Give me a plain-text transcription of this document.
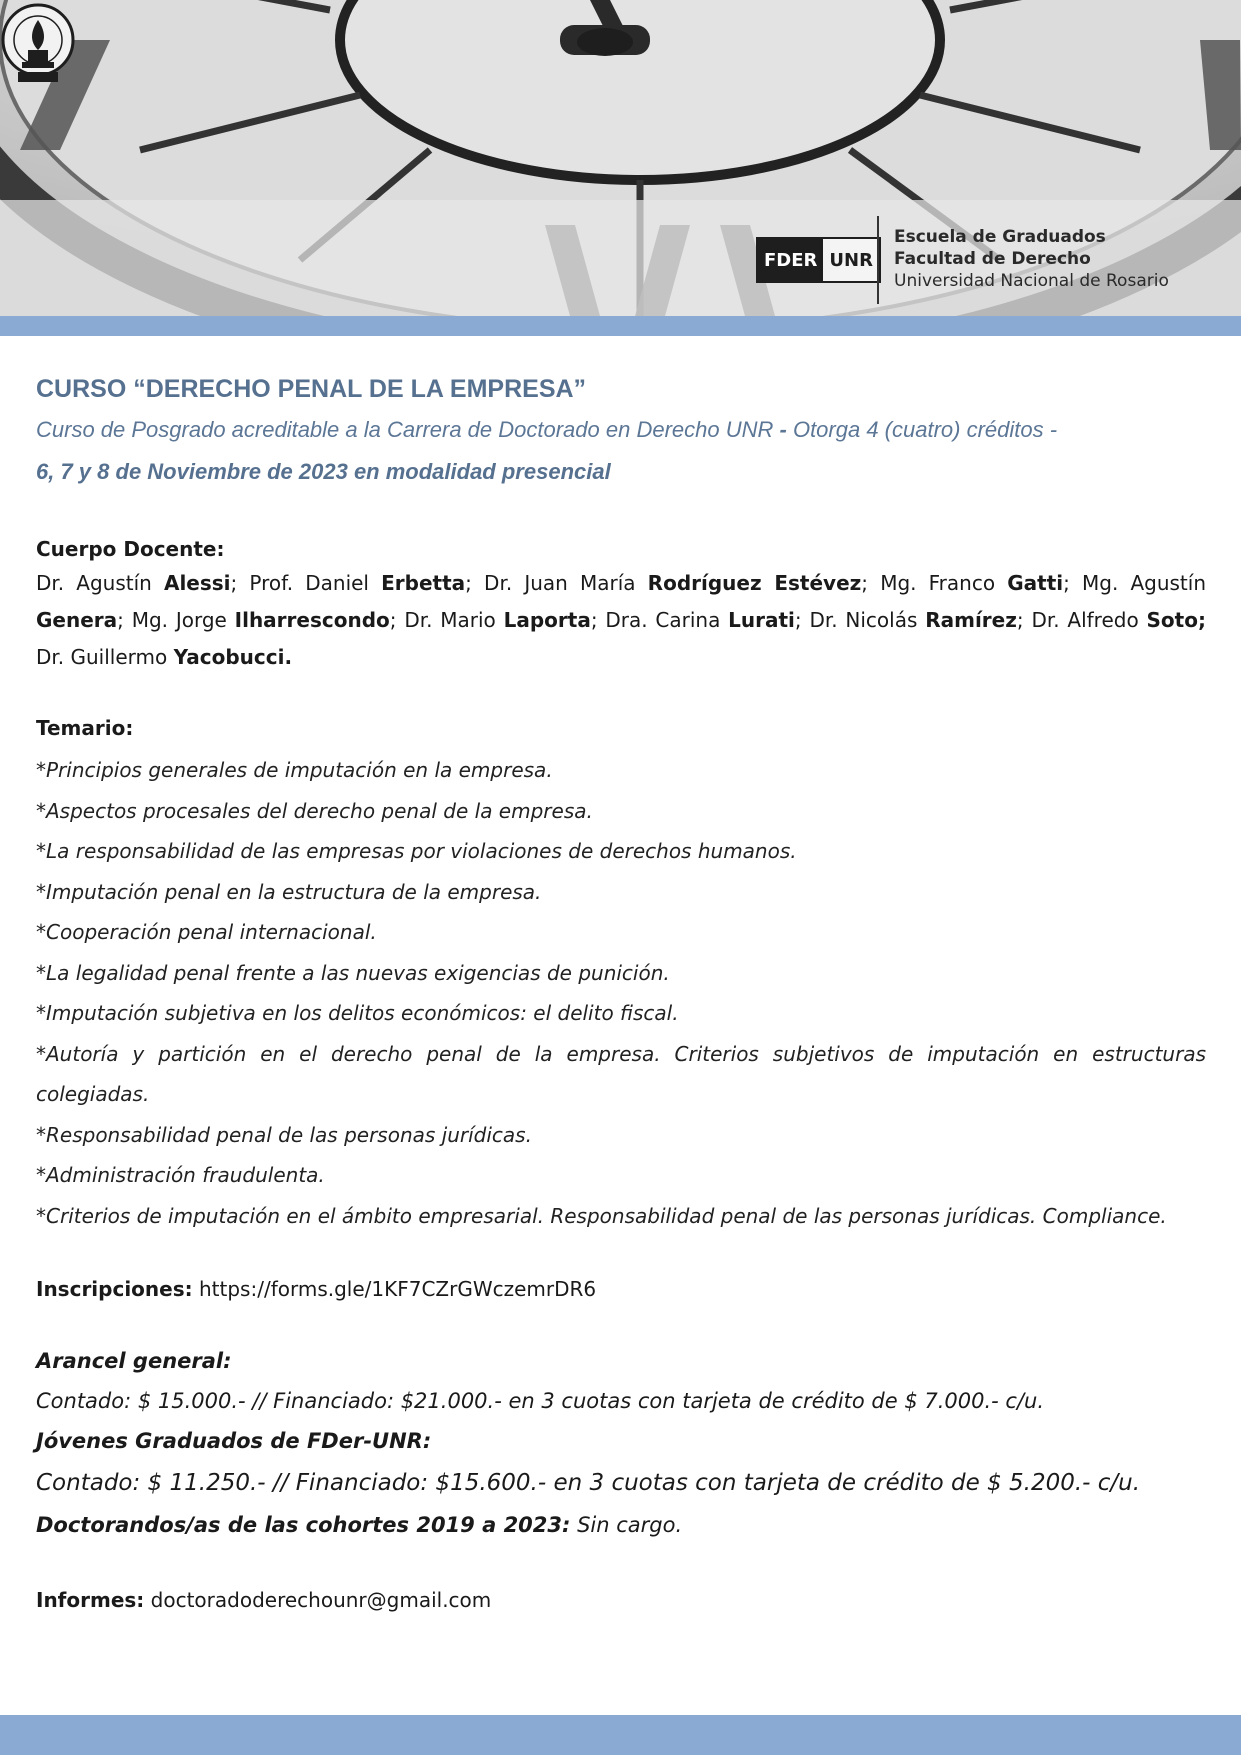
FDER UNR
Escuela de Graduados
Facultad de Derecho
Universidad Nacional de Rosario
CURSO “DERECHO PENAL DE LA EMPRESA”
Curso de Posgrado acreditable a la Carrera de Doctorado en Derecho UNR - Otorga 4 (cuatro) créditos -
6, 7 y 8 de Noviembre de 2023 en modalidad presencial
Cuerpo Docente:

Dr. Agustín Alessi; Prof. Daniel Erbetta; Dr. Juan María Rodríguez Estévez; Mg. Franco Gatti; Mg. Agustín Genera; Mg. Jorge Ilharrescondo; Dr. Mario Laporta; Dra. Carina Lurati; Dr. Nicolás Ramírez; Dr. Alfredo Soto; Dr. Guillermo Yacobucci.

Temario:
*Principios generales de imputación en la empresa.
*Aspectos procesales del derecho penal de la empresa.
*La responsabilidad de las empresas por violaciones de derechos humanos.
*Imputación penal en la estructura de la empresa.
*Cooperación penal internacional.
*La legalidad penal frente a las nuevas exigencias de punición.
*Imputación subjetiva en los delitos económicos: el delito fiscal.
*Autoría y partición en el derecho penal de la empresa. Criterios subjetivos de imputación en estructuras colegiadas.
*Responsabilidad penal de las personas jurídicas.
*Administración fraudulenta.
*Criterios de imputación en el ámbito empresarial. Responsabilidad penal de las personas jurídicas. Compliance.
Inscripciones: https://forms.gle/1KF7CZrGWczemrDR6
Arancel general:
Contado: $ 15.000.- // Financiado: $21.000.- en 3 cuotas con tarjeta de crédito de $ 7.000.- c/u.
Jóvenes Graduados de FDer-UNR:
Contado: $ 11.250.- // Financiado: $15.600.- en 3 cuotas con tarjeta de crédito de $ 5.200.- c/u.
Doctorandos/as de las cohortes 2019 a 2023: Sin cargo.
Informes: doctoradoderechounr@gmail.com
